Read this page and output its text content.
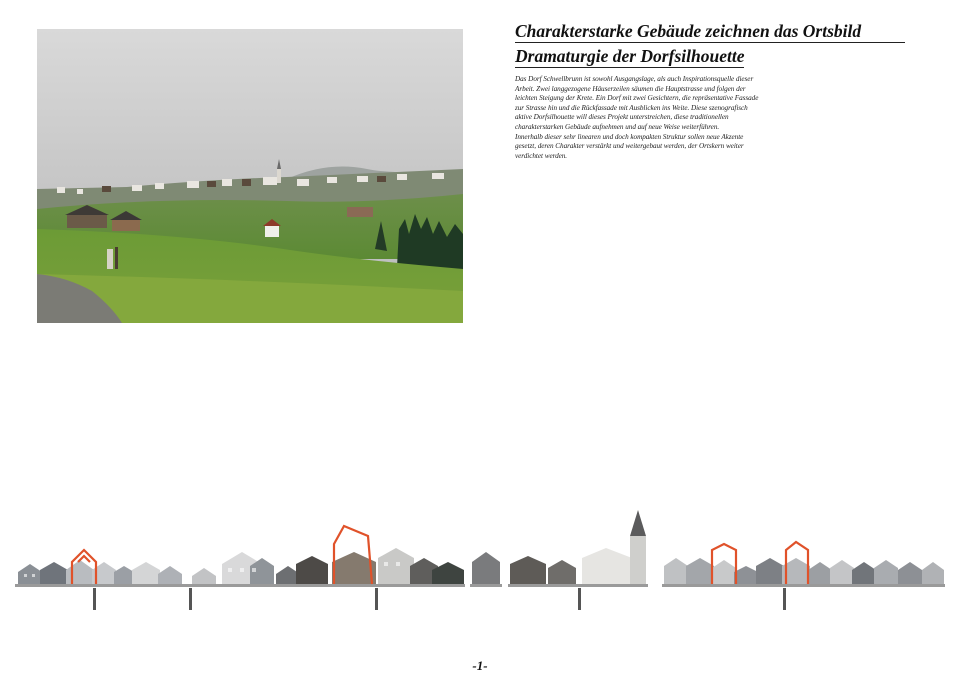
Charakterstarke Gebäude zeichnen das Ortsbild
Dramaturgie der Dorfsilhouette

Das Dorf Schwellbrunn ist sowohl Ausgangslage, als auch Inspirationsquelle dieser Arbeit. Zwei langgezogene Häuserzeilen säumen die Hauptstrasse und folgen der leichten Steigung der Krete. Ein Dorf mit zwei Gesichtern, die repräsentative Fassade zur Strasse hin und die Rückfassade mit Ausblicken ins Weite. Diese szenografisch aktive Dorfsilhouette will dieses Projekt unterstreichen, diese traditionellen charakterstarken Gebäude aufnehmen und auf neue Weise weiterführen.

Innerhalb dieser sehr linearen und doch kompakten Struktur sollen neue Akzente gesetzt, deren Charakter verstärkt und weitergebaut werden, der Ortskern weiter verdichtet werden.

-1-
